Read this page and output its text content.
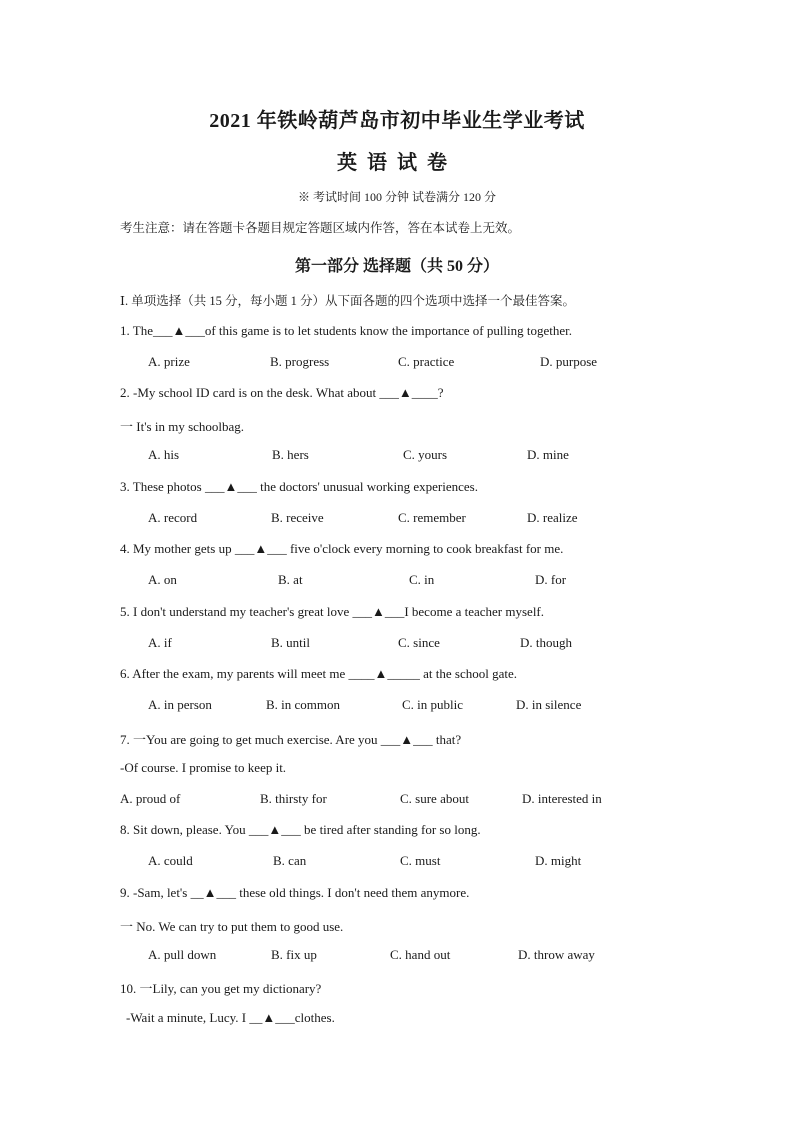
2021 年铁岭葫芦岛市初中毕业生学业考试
英语试卷
※ 考试时间 100 分钟 试卷满分 120 分
考生注意：请在答题卡各题目规定答题区域内作答，答在本试卷上无效。
第一部分 选择题（共 50 分）
Ⅰ. 单项选择（共 15 分，每小题 1 分）从下面各题的四个选项中选择一个最佳答案。
1. The___▲___of this game is to let students know the importance of pulling together.
A. prize	B. progress	C. practice	D. purpose
2. -My school ID card is on the desk. What about ___▲____?
一 It's in my schoolbag.
A. his	B. hers	C. yours	D. mine
3. These photos ___▲___ the doctors' unusual working experiences.
A. record	B. receive	C. remember	D. realize
4. My mother gets up ___▲___ five o'clock every morning to cook breakfast for me.
A. on	B. at	C. in	D. for
5. I don't understand my teacher's great love ___▲___I become a teacher myself.
A. if	B. until	C. since	D. though
6. After the exam, my parents will meet me ____▲_____ at the school gate.
A. in person	B. in common	C. in public	D. in silence
7. 一You are going to get much exercise. Are you ___▲___ that?
-Of course. I promise to keep it.
A. proud of	B. thirsty for	C. sure about	D. interested in
8. Sit down, please. You ___▲___ be tired after standing for so long.
A. could	B. can	C. must	D. might
9. -Sam, let's __▲___ these old things. I don't need them anymore.
一 No. We can try to put them to good use.
A. pull down	B. fix up	C. hand out	D. throw away
10. 一Lily, can you get my dictionary?
-Wait a minute, Lucy. I __▲___clothes.
